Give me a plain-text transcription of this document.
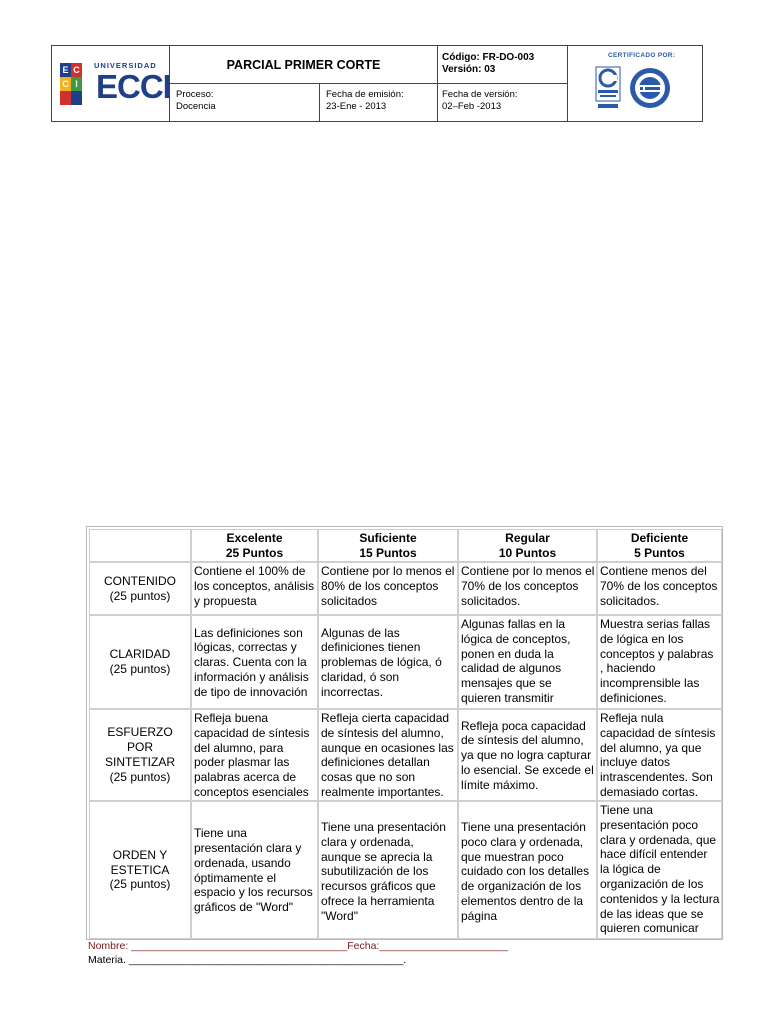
E C
C I
UNIVERSIDAD
ECCI
PARCIAL PRIMER CORTE	Código: FR-DO-003
Versión: 03
Proceso:
Docencia
Fecha de emisión:
23-Ene - 2013
Fecha de versión:
02–Feb -2013
CERTIFICADO POR:
Excelente
25 Puntos
Suficiente
15 Puntos
Regular
10 Puntos
Deficiente
5 Puntos
CONTENIDO
(25 puntos)
Contiene el 100% de los conceptos, análisis y propuesta
Contiene por lo menos el 80% de los conceptos solicitados
Contiene por lo menos el 70% de los conceptos solicitados.
Contiene menos del 70% de los conceptos solicitados.
CLARIDAD
(25 puntos)
Las definiciones son lógicas, correctas y claras. Cuenta con la información y análisis de tipo de innovación
Algunas de las definiciones tienen problemas de lógica, ó claridad, ó son incorrectas.
Algunas fallas en la lógica de conceptos, ponen en duda la calidad de algunos mensajes que se quieren transmitir
Muestra serias fallas de lógica en los conceptos y palabras , haciendo incomprensible las definiciones.
ESFUERZO
POR
SINTETIZAR
(25 puntos)
Refleja buena capacidad de síntesis del alumno, para poder plasmar las palabras acerca de conceptos esenciales
Refleja cierta capacidad de síntesis del alumno, aunque en ocasiones las definiciones detallan cosas que no son realmente importantes.
Refleja poca capacidad de síntesis del alumno, ya que no logra capturar lo esencial. Se excede el límite máximo.
Refleja nula capacidad de síntesis del alumno, ya que incluye datos intrascendentes. Son demasiado cortas.
ORDEN Y
ESTETICA
(25 puntos)
Tiene una presentación clara y ordenada, usando óptimamente el espacio y los recursos gráficos de "Word"
Tiene una presentación clara y ordenada, aunque se aprecia la subutilización de los recursos gráficos que ofrece la herramienta "Word"
Tiene una presentación poco clara y ordenada, que muestran poco cuidado con los detalles de organización de los elementos dentro de la página
Tiene una presentación poco clara y ordenada, que hace difícil entender la lógica de organización de los contenidos y la lectura de las ideas que se quieren comunicar
Nombre: _____________________________________Fecha:______________________
Materia. _______________________________________________.
